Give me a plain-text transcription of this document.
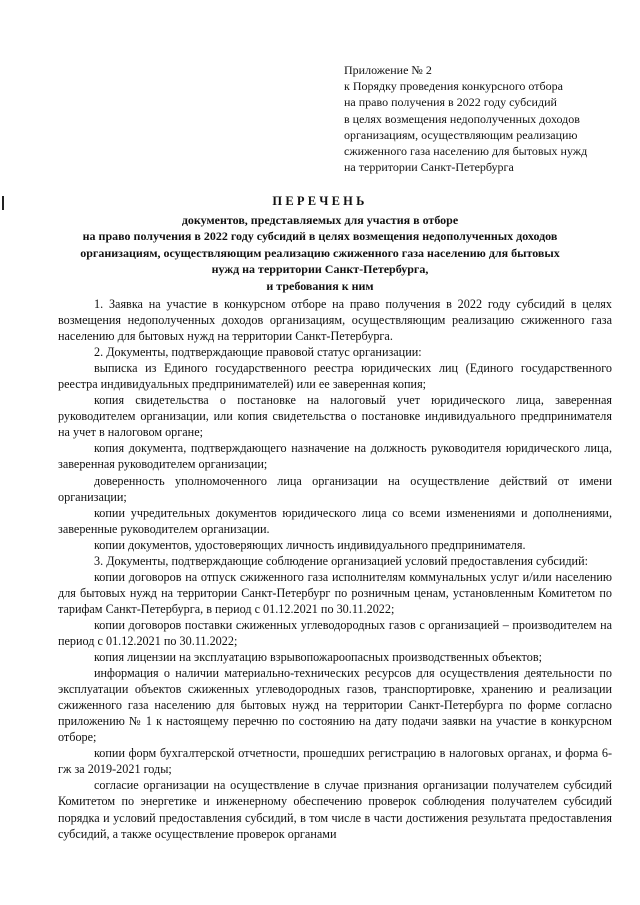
Приложение № 2
к Порядку проведения конкурсного отбора
на право получения в 2022 году субсидий
в целях возмещения недополученных доходов
организациям, осуществляющим реализацию
сжиженного газа населению для бытовых нужд
на территории Санкт-Петербурга
ПЕРЕЧЕНЬ
документов, представляемых для участия в отборе
на право получения в 2022 году субсидий в целях возмещения недополученных доходов
организациям, осуществляющим реализацию сжиженного газа населению для бытовых
нужд на территории Санкт-Петербурга,
и требования к ним

1. Заявка на участие в конкурсном отборе на право получения в 2022 году субсидий в целях возмещения недополученных доходов организациям, осуществляющим реализацию сжиженного газа населению для бытовых нужд на территории Санкт-Петербурга.

2. Документы, подтверждающие правовой статус организации:

выписка из Единого государственного реестра юридических лиц (Единого государственного реестра индивидуальных предпринимателей) или ее заверенная копия;

копия свидетельства о постановке на налоговый учет юридического лица, заверенная руководителем организации, или копия свидетельства о постановке индивидуального предпринимателя на учет в налоговом органе;

копия документа, подтверждающего назначение на должность руководителя юридического лица, заверенная руководителем организации;

доверенность уполномоченного лица организации на осуществление действий от имени организации;

копии учредительных документов юридического лица со всеми изменениями и дополнениями, заверенные руководителем организации.

копии документов, удостоверяющих личность индивидуального предпринимателя.

3. Документы, подтверждающие соблюдение организацией условий предоставления субсидий:

копии договоров на отпуск сжиженного газа исполнителям коммунальных услуг и/или населению для бытовых нужд на территории Санкт-Петербург по розничным ценам, установленным Комитетом по тарифам Санкт-Петербурга, в период с 01.12.2021 по 30.11.2022;

копии договоров поставки сжиженных углеводородных газов с организацией – производителем на период с 01.12.2021 по 30.11.2022;

копия лицензии на эксплуатацию взрывопожароопасных производственных объектов;

информация о наличии материально-технических ресурсов для осуществления деятельности по эксплуатации объектов сжиженных углеводородных газов, транспортировке, хранению и реализации сжиженного газа населению для бытовых нужд на территории Санкт-Петербурга по форме согласно приложению № 1 к настоящему перечню по состоянию на дату подачи заявки на участие в конкурсном отборе;

копии форм бухгалтерской отчетности, прошедших регистрацию в налоговых органах, и форма 6-гж за 2019-2021 годы;

согласие организации на осуществление в случае признания организации получателем субсидий Комитетом по энергетике и инженерному обеспечению проверок соблюдения получателем субсидий порядка и условий предоставления субсидий, в том числе в части достижения результата предоставления субсидий, а также осуществление проверок органами
